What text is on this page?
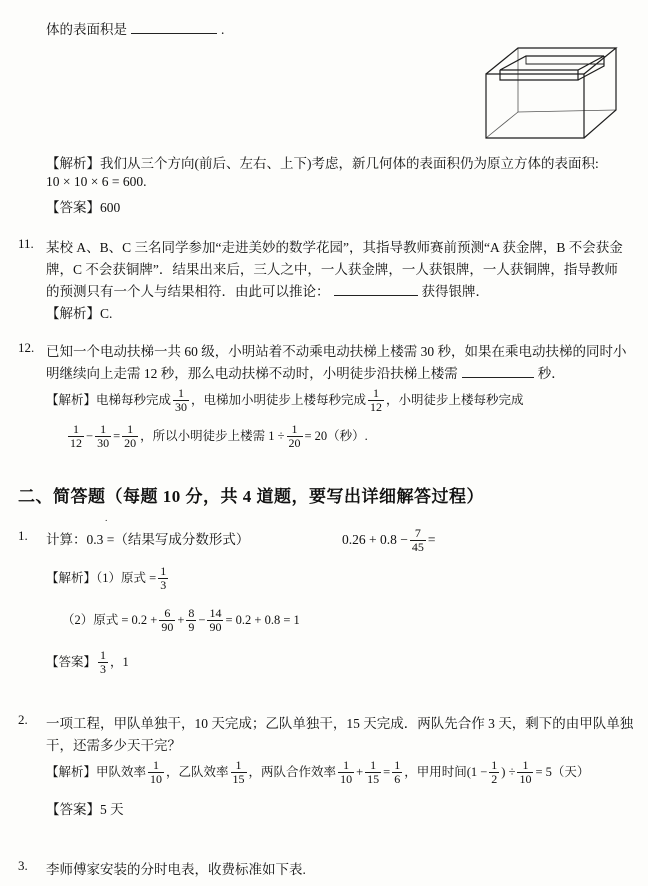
体的表面积是	.
【解析】我们从三个方向(前后、左右、上下)考虑，新几何体的表面积仍为原立方体的表面积:
10 × 10 × 6 = 600.
【答案】600
11. 某校 A、B、C 三名同学参加“走进美妙的数学花园”，其指导教师赛前预测“A 获金牌，B 不会获金
牌，C 不会获铜牌”．结果出来后，三人之中，一人获金牌，一人获银牌，一人获铜牌，指导教师
的预测只有一个人与结果相符．由此可以推论：	获得银牌．
【解析】C.
12. 已知一个电动扶梯一共 60 级，小明站着不动乘电动扶梯上楼需 30 秒，如果在乘电动扶梯的同时小
明继续向上走需 12 秒，那么电动扶梯不动时，小明徒步沿扶梯上楼需	秒．
【解析】电梯每秒完成 $\frac{1}{30}$ ，电梯加小明徒步上楼每秒完成 $\frac{1}{12}$ ，小明徒步上楼每秒完成
$\frac{1}{12} - \frac{1}{30} = \frac{1}{20}$ ，所以小明徒步上楼需 $1 \div \frac{1}{20} = 20$（秒）.
二、简答题（每题 10 分，共 4 道题，要写出详细解答过程）
1. 计算：
˙
0.3 =（结果写成分数形式）	$0.26 + 0.8 - \frac{7}{45}$ =
【解析】（1）原式 = $\frac{1}{3}$
（2）原式 = $0.2 + \frac{6}{90} + \frac{8}{9} - \frac{14}{90} = 0.2 + 0.8 = 1$
【答案】 $\frac{1}{3}$ ，1
2. 一项工程，甲队单独干，10 天完成；乙队单独干，15 天完成．两队先合作 3 天，剩下的由甲队单独
干，还需多少天干完？
【解析】甲队效率 $\frac{1}{10}$ ，乙队效率 $\frac{1}{15}$ ，两队合作效率 $\frac{1}{10} + \frac{1}{15} = \frac{1}{6}$ ，甲用时间($1 - \frac{1}{2}$ ) ÷ $\frac{1}{10} = 5$（天）
【答案】5 天
3. 李师傅家安装的分时电表，收费标准如下表.
